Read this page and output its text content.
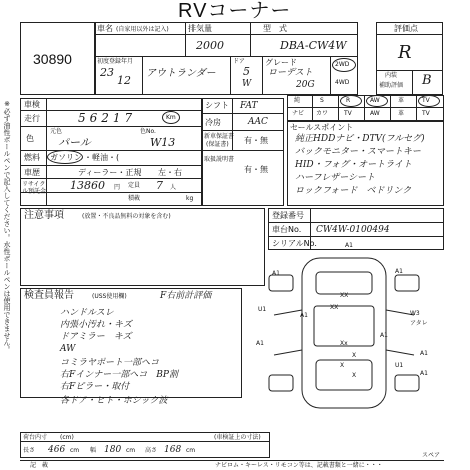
RVコーナー
※必ず油性ボールペンで記入してください。水性ボールペンは使用できません。
30890
車名 (自家用以外は記入) 排気量
2000
型　式
DBA-CW4W
初度登録年月
23
12
アウトランダー
ドア
5
W
グレード
ローデスト
20G
2WD
4WD
評価点
R
内装
補助評価 B
車検
走行	56217	Km
色
元色
パール
色No.
W13
燃料 ガソリン ・軽油・(
車歴	ディーラー・正規 左・右
リサイクル預託金 13860 円 定員 7 人
積載	kg
シフト FAT
冷房	AAC
新車保証書
(保証書) 有・無
取扱説明書
有・無
純	S	R	AW	革	TV
ナビ カワ	TV	AW	革	TV
セールスポイント
純正HDDナビ・DTV(フルセグ)
バックモニター・スマートキー
HID・フォグ・オートライト
ハーフレザーシート
ロックフォード　ベドリンク
注意事項	(放置・不良品無料の対象を含む)	登録番号
車台No. CW4W-0100494
シリアルNo.
検査員報告	(USS使用欄)	F右前計評価
ハンドルスレ
内張小汚れ・キズ
ドアミラー　キズ
AW
コミラヤポート一部へコ
右Fインナー一部へコ　BP割
右Fピラー・取付
各ドア・ヒト・ホシック波
A1
A1
U1
A1
A1
A1
XX
XX
W3
アタレ
A1
A1
A1
U1
Xx
X
X
X
スペア
荷台内寸 (cm)	(車検証上の寸法)
長さ 466 cm 幅 180 cm 高さ 168 cm
記　載	ナビロム・キーレス・リモコン等は、記載書類と一緒に・・・
